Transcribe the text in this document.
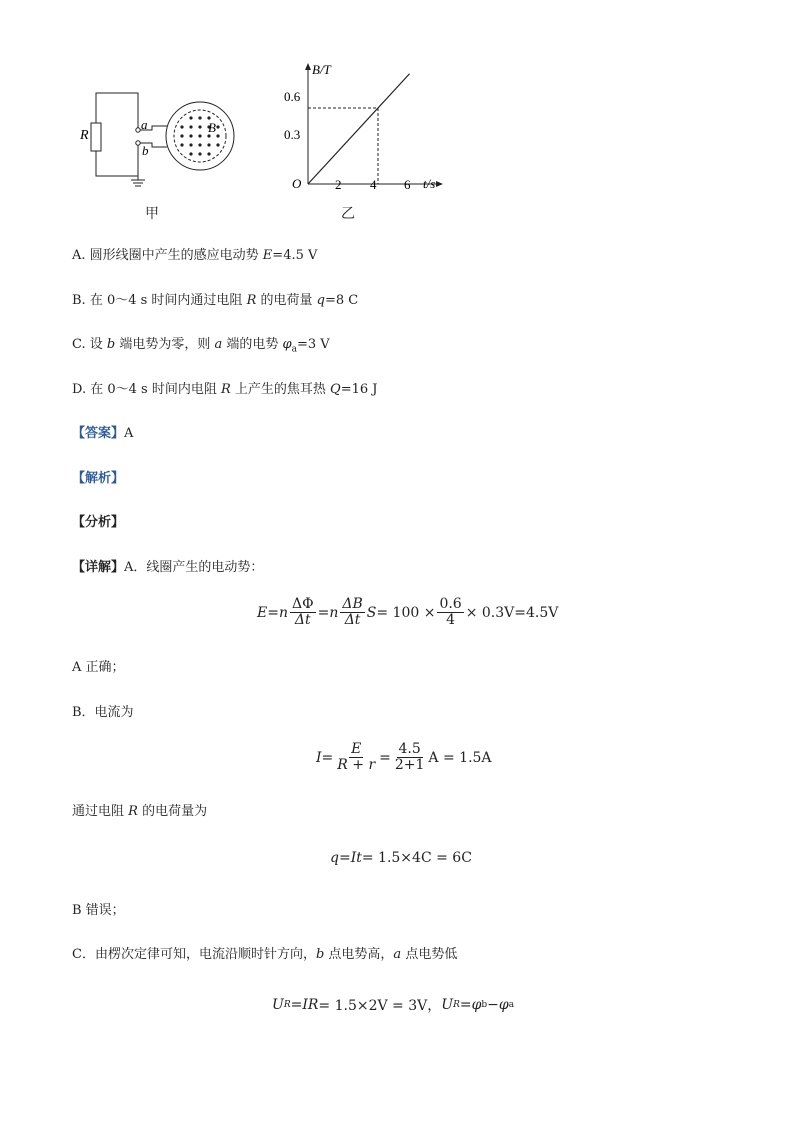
R
a
b
B
甲
B/T
t/s
O
0.6
0.3
2 4 6
乙
A. 圆形线圈中产生的感应电动势 E=4.5 V
B. 在 0～4 s 时间内通过电阻 R 的电荷量 q=8 C
C. 设 b 端电势为零，则 a 端的电势 $\varphi_a=3$ V
D. 在 0～4 s 时间内电阻 R 上产生的焦耳热 Q=16 J
【答案】A
【解析】
【分析】
【详解】A．线圈产生的电动势：
E = n $\frac{\Delta\Phi}{\Delta t} = n \frac{\Delta B}{\Delta t}$ $S = 100 \times \frac{0.6}{4} \times 0.3V=4.5V$
A 正确；
B．电流为
$I = \frac{E}{R + r} = \frac{4.5}{2+1}$ A = 1.5A
通过电阻 R 的电荷量为
q = It = 1.5×4C = 6C
B 错误；
C．由楞次定律可知，电流沿顺时针方向，b 点电势高，a 点电势低
U R = IR = 1.5×2V = 3V， U R = φ b − φ a
